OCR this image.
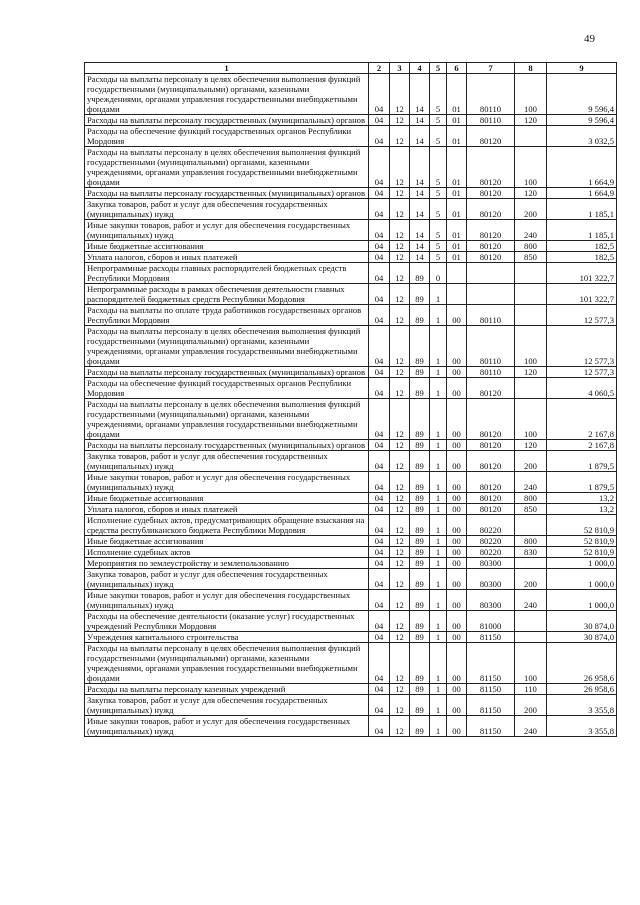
49
1	2	3	4	5	6	7	8	9
Расходы на выплаты персоналу в целях обеспечения выполнения функций государственными (муниципальными) органами, казенными учреждениями, органами управления государственными внебюджетными фондами	04	12	14	5	01	80110	100	9 596,4
Расходы на выплаты персоналу государственных (муниципальных) органов	04	12	14	5	01	80110	120	9 596,4
Расходы на обеспечение функций государственных органов Республики Мордовия	04	12	14	5	01	80120		3 032,5
Расходы на выплаты персоналу в целях обеспечения выполнения функций государственными (муниципальными) органами, казенными учреждениями, органами управления государственными внебюджетными фондами	04	12	14	5	01	80120	100	1 664,9
Расходы на выплаты персоналу государственных (муниципальных) органов	04	12	14	5	01	80120	120	1 664,9
Закупка товаров, работ и услуг для обеспечения государственных (муниципальных) нужд	04	12	14	5	01	80120	200	1 185,1
Иные закупки товаров, работ и услуг для обеспечения государственных (муниципальных) нужд	04	12	14	5	01	80120	240	1 185,1
Иные бюджетные ассигнования	04	12	14	5	01	80120	800	182,5
Уплата налогов, сборов и иных платежей	04	12	14	5	01	80120	850	182,5
Непрограммные расходы главных распорядителей бюджетных средств Республики Мордовия	04	12	89	0				101 322,7
Непрограммные расходы в рамках обеспечения деятельности главных распорядителей бюджетных средств Республики Мордовия	04	12	89	1				101 322,7
Расходы на выплаты по оплате труда работников государственных органов Республики Мордовия	04	12	89	1	00	80110		12 577,3
Расходы на выплаты персоналу в целях обеспечения выполнения функций государственными (муниципальными) органами, казенными учреждениями, органами управления государственными внебюджетными фондами	04	12	89	1	00	80110	100	12 577,3
Расходы на выплаты персоналу государственных (муниципальных) органов	04	12	89	1	00	80110	120	12 577,3
Расходы на обеспечение функций государственных органов Республики Мордовия	04	12	89	1	00	80120		4 060,5
Расходы на выплаты персоналу в целях обеспечения выполнения функций государственными (муниципальными) органами, казенными учреждениями, органами управления государственными внебюджетными фондами	04	12	89	1	00	80120	100	2 167,8
Расходы на выплаты персоналу государственных (муниципальных) органов	04	12	89	1	00	80120	120	2 167,8
Закупка товаров, работ и услуг для обеспечения государственных (муниципальных) нужд	04	12	89	1	00	80120	200	1 879,5
Иные закупки товаров, работ и услуг для обеспечения государственных (муниципальных) нужд	04	12	89	1	00	80120	240	1 879,5
Иные бюджетные ассигнования	04	12	89	1	00	80120	800	13,2
Уплата налогов, сборов и иных платежей	04	12	89	1	00	80120	850	13,2
Исполнение судебных актов, предусматривающих обращение взыскания на средства республиканского бюджета Республики Мордовия	04	12	89	1	00	80220		52 810,9
Иные бюджетные ассигнования	04	12	89	1	00	80220	800	52 810,9
Исполнение судебных актов	04	12	89	1	00	80220	830	52 810,9
Мероприятия по землеустройству и землепользованию	04	12	89	1	00	80300		1 000,0
Закупка товаров, работ и услуг для обеспечения государственных (муниципальных) нужд	04	12	89	1	00	80300	200	1 000,0
Иные закупки товаров, работ и услуг для обеспечения государственных (муниципальных) нужд	04	12	89	1	00	80300	240	1 000,0
Расходы на обеспечение деятельности (оказание услуг) государственных учреждений Республики Мордовия	04	12	89	1	00	81000		30 874,0
Учреждения капитального строительства	04	12	89	1	00	81150		30 874,0
Расходы на выплаты персоналу в целях обеспечения выполнения функций государственными (муниципальными) органами, казенными учреждениями, органами управления государственными внебюджетными фондами	04	12	89	1	00	81150	100	26 958,6
Расходы на выплаты персоналу казенных учреждений	04	12	89	1	00	81150	110	26 958,6
Закупка товаров, работ и услуг для обеспечения государственных (муниципальных) нужд	04	12	89	1	00	81150	200	3 355,8
Иные закупки товаров, работ и услуг для обеспечения государственных (муниципальных) нужд	04	12	89	1	00	81150	240	3 355,8
